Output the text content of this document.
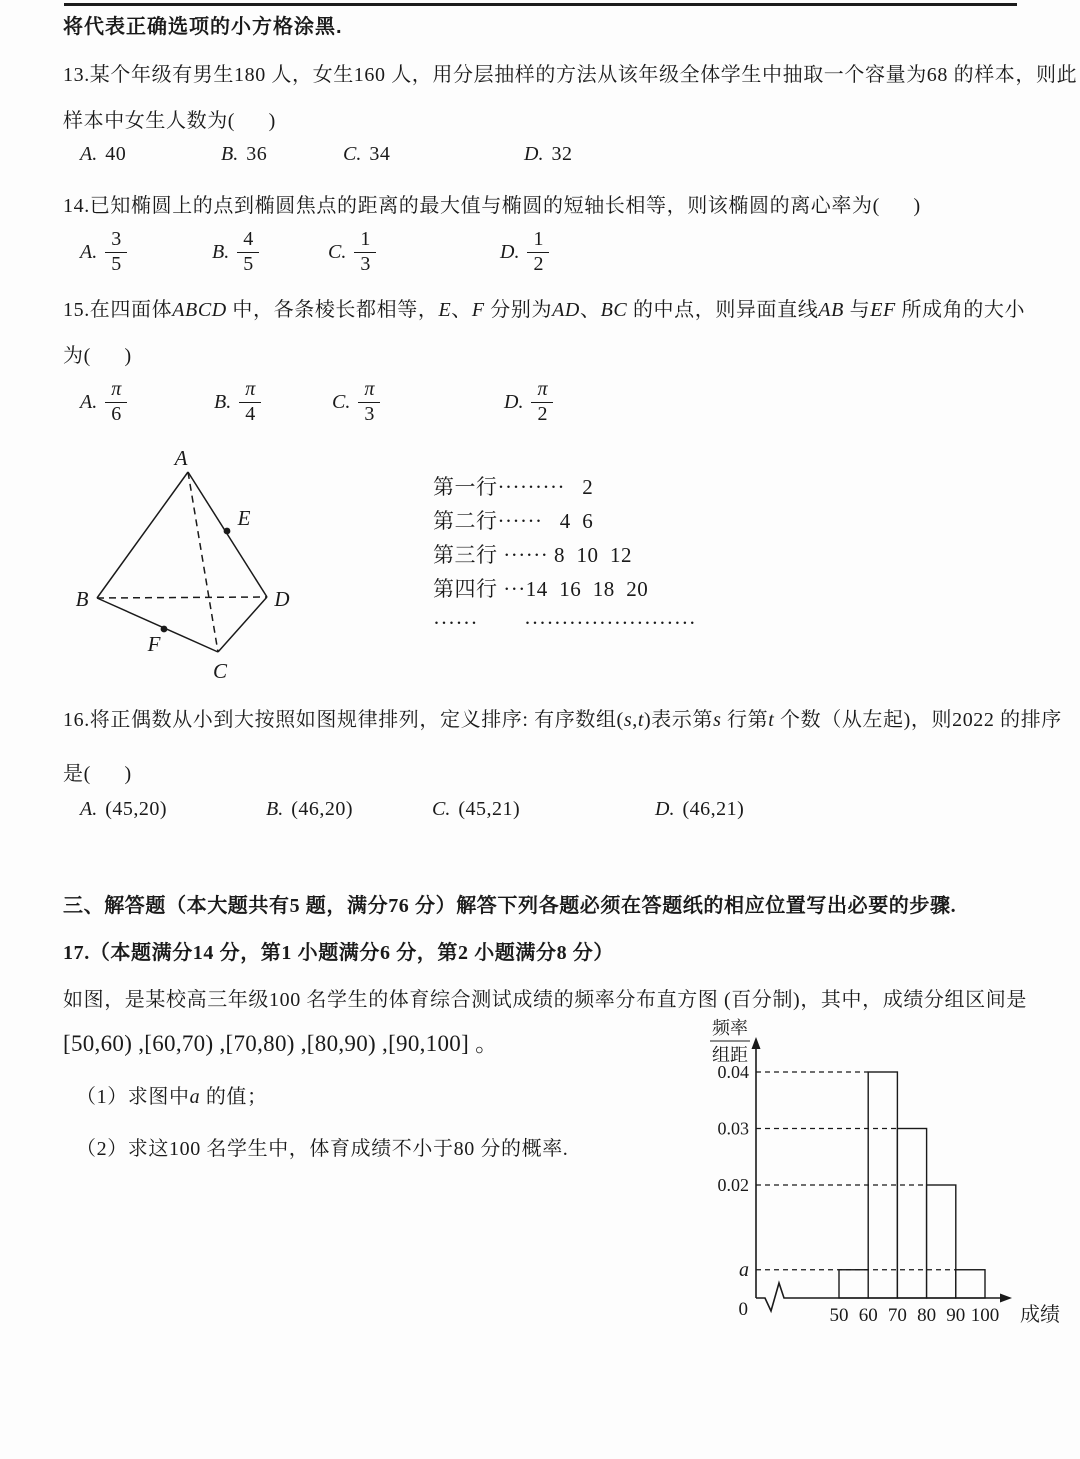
将代表正确选项的小方格涂黑.
13.某个年级有男生180 人，女生160 人，用分层抽样的方法从该年级全体学生中抽取一个容量为68 的样本，则此
样本中女生人数为(      )
A. 40	B. 36	C. 34	D. 32
14.已知椭圆上的点到椭圆焦点的距离的最大值与椭圆的短轴长相等，则该椭圆的离心率为(      )
A. $\frac{3}{5}$	B. $\frac{4}{5}$	C. $\frac{1}{3}$	D. $\frac{1}{2}$
15.在四面体ABCD 中，各条棱长都相等，E、F 分别为AD、BC 的中点，则异面直线AB 与EF 所成角的大小
为(      )
A. $\frac{\pi}{6}$	B. $\frac{\pi}{4}$	C. $\frac{\pi}{3}$	D. $\frac{\pi}{2}$
A
B
C
D
E
F
第一行·········   2
第二行······   4  6
第三行 ······ 8  10  12
第四行 ···14  16  18  20
······        ·······················
16.将正偶数从小到大按照如图规律排列，定义排序: 有序数组(s,t)表示第s 行第t 个数（从左起)，则2022 的排序
是(      )
A. (45,20)	B. (46,20)	C. (45,21)	D. (46,21)
三、解答题（本大题共有5 题，满分76 分）解答下列各题必须在答题纸的相应位置写出必要的步骤.
17.（本题满分14 分，第1 小题满分6 分，第2 小题满分8 分）
如图，是某校高三年级100 名学生的体育综合测试成绩的频率分布直方图 (百分制)，其中，成绩分组区间是
[50,60) ,[60,70) ,[70,80) ,[80,90) ,[90,100] 。
（1）求图中a 的值；
（2）求这100 名学生中，体育成绩不小于80 分的概率.
0.04
0.03
0.02
a
0	50 60 70 80 90 100 成绩
频率
组距
